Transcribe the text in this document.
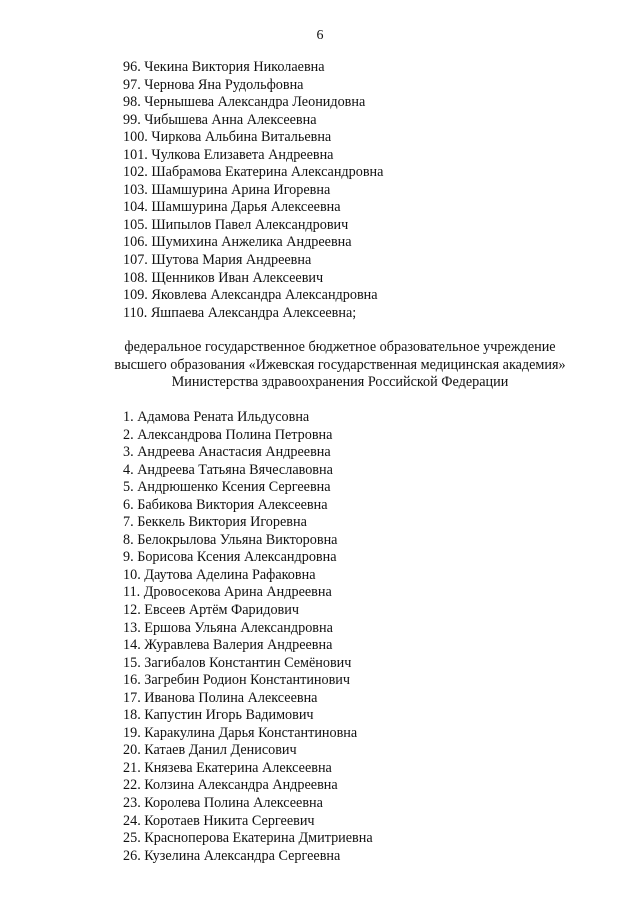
6
96. Чекина Виктория Николаевна
97. Чернова Яна Рудольфовна
98. Чернышева Александра Леонидовна
99. Чибышева Анна Алексеевна
100. Чиркова Альбина Витальевна
101. Чулкова Елизавета Андреевна
102. Шабрамова Екатерина Александровна
103. Шамшурина Арина Игоревна
104. Шамшурина Дарья Алексеевна
105. Шипылов Павел Александрович
106. Шумихина Анжелика Андреевна
107. Шутова Мария Андреевна
108. Щенников Иван Алексеевич
109. Яковлева Александра Александровна
110. Яшпаева Александра Алексеевна;
федеральное государственное бюджетное образовательное учреждение
высшего образования «Ижевская государственная медицинская академия»
Министерства здравоохранения Российской Федерации
1. Адамова Рената Ильдусовна
2. Александрова Полина Петровна
3. Андреева Анастасия Андреевна
4. Андреева Татьяна Вячеславовна
5. Андрюшенко Ксения Сергеевна
6. Бабикова Виктория Алексеевна
7. Беккель Виктория Игоревна
8. Белокрылова Ульяна Викторовна
9. Борисова Ксения Александровна
10. Даутова Аделина Рафаковна
11. Дровосекова Арина Андреевна
12. Евсеев Артём Фаридович
13. Ершова Ульяна Александровна
14. Журавлева Валерия Андреевна
15. Загибалов Константин Семёнович
16. Загребин Родион Константинович
17. Иванова Полина Алексеевна
18. Капустин Игорь Вадимович
19. Каракулина Дарья Константиновна
20. Катаев Данил Денисович
21. Князева Екатерина Алексеевна
22. Колзина Александра Андреевна
23. Королева Полина Алексеевна
24. Коротаев Никита Сергеевич
25. Красноперова Екатерина Дмитриевна
26. Кузелина Александра Сергеевна
